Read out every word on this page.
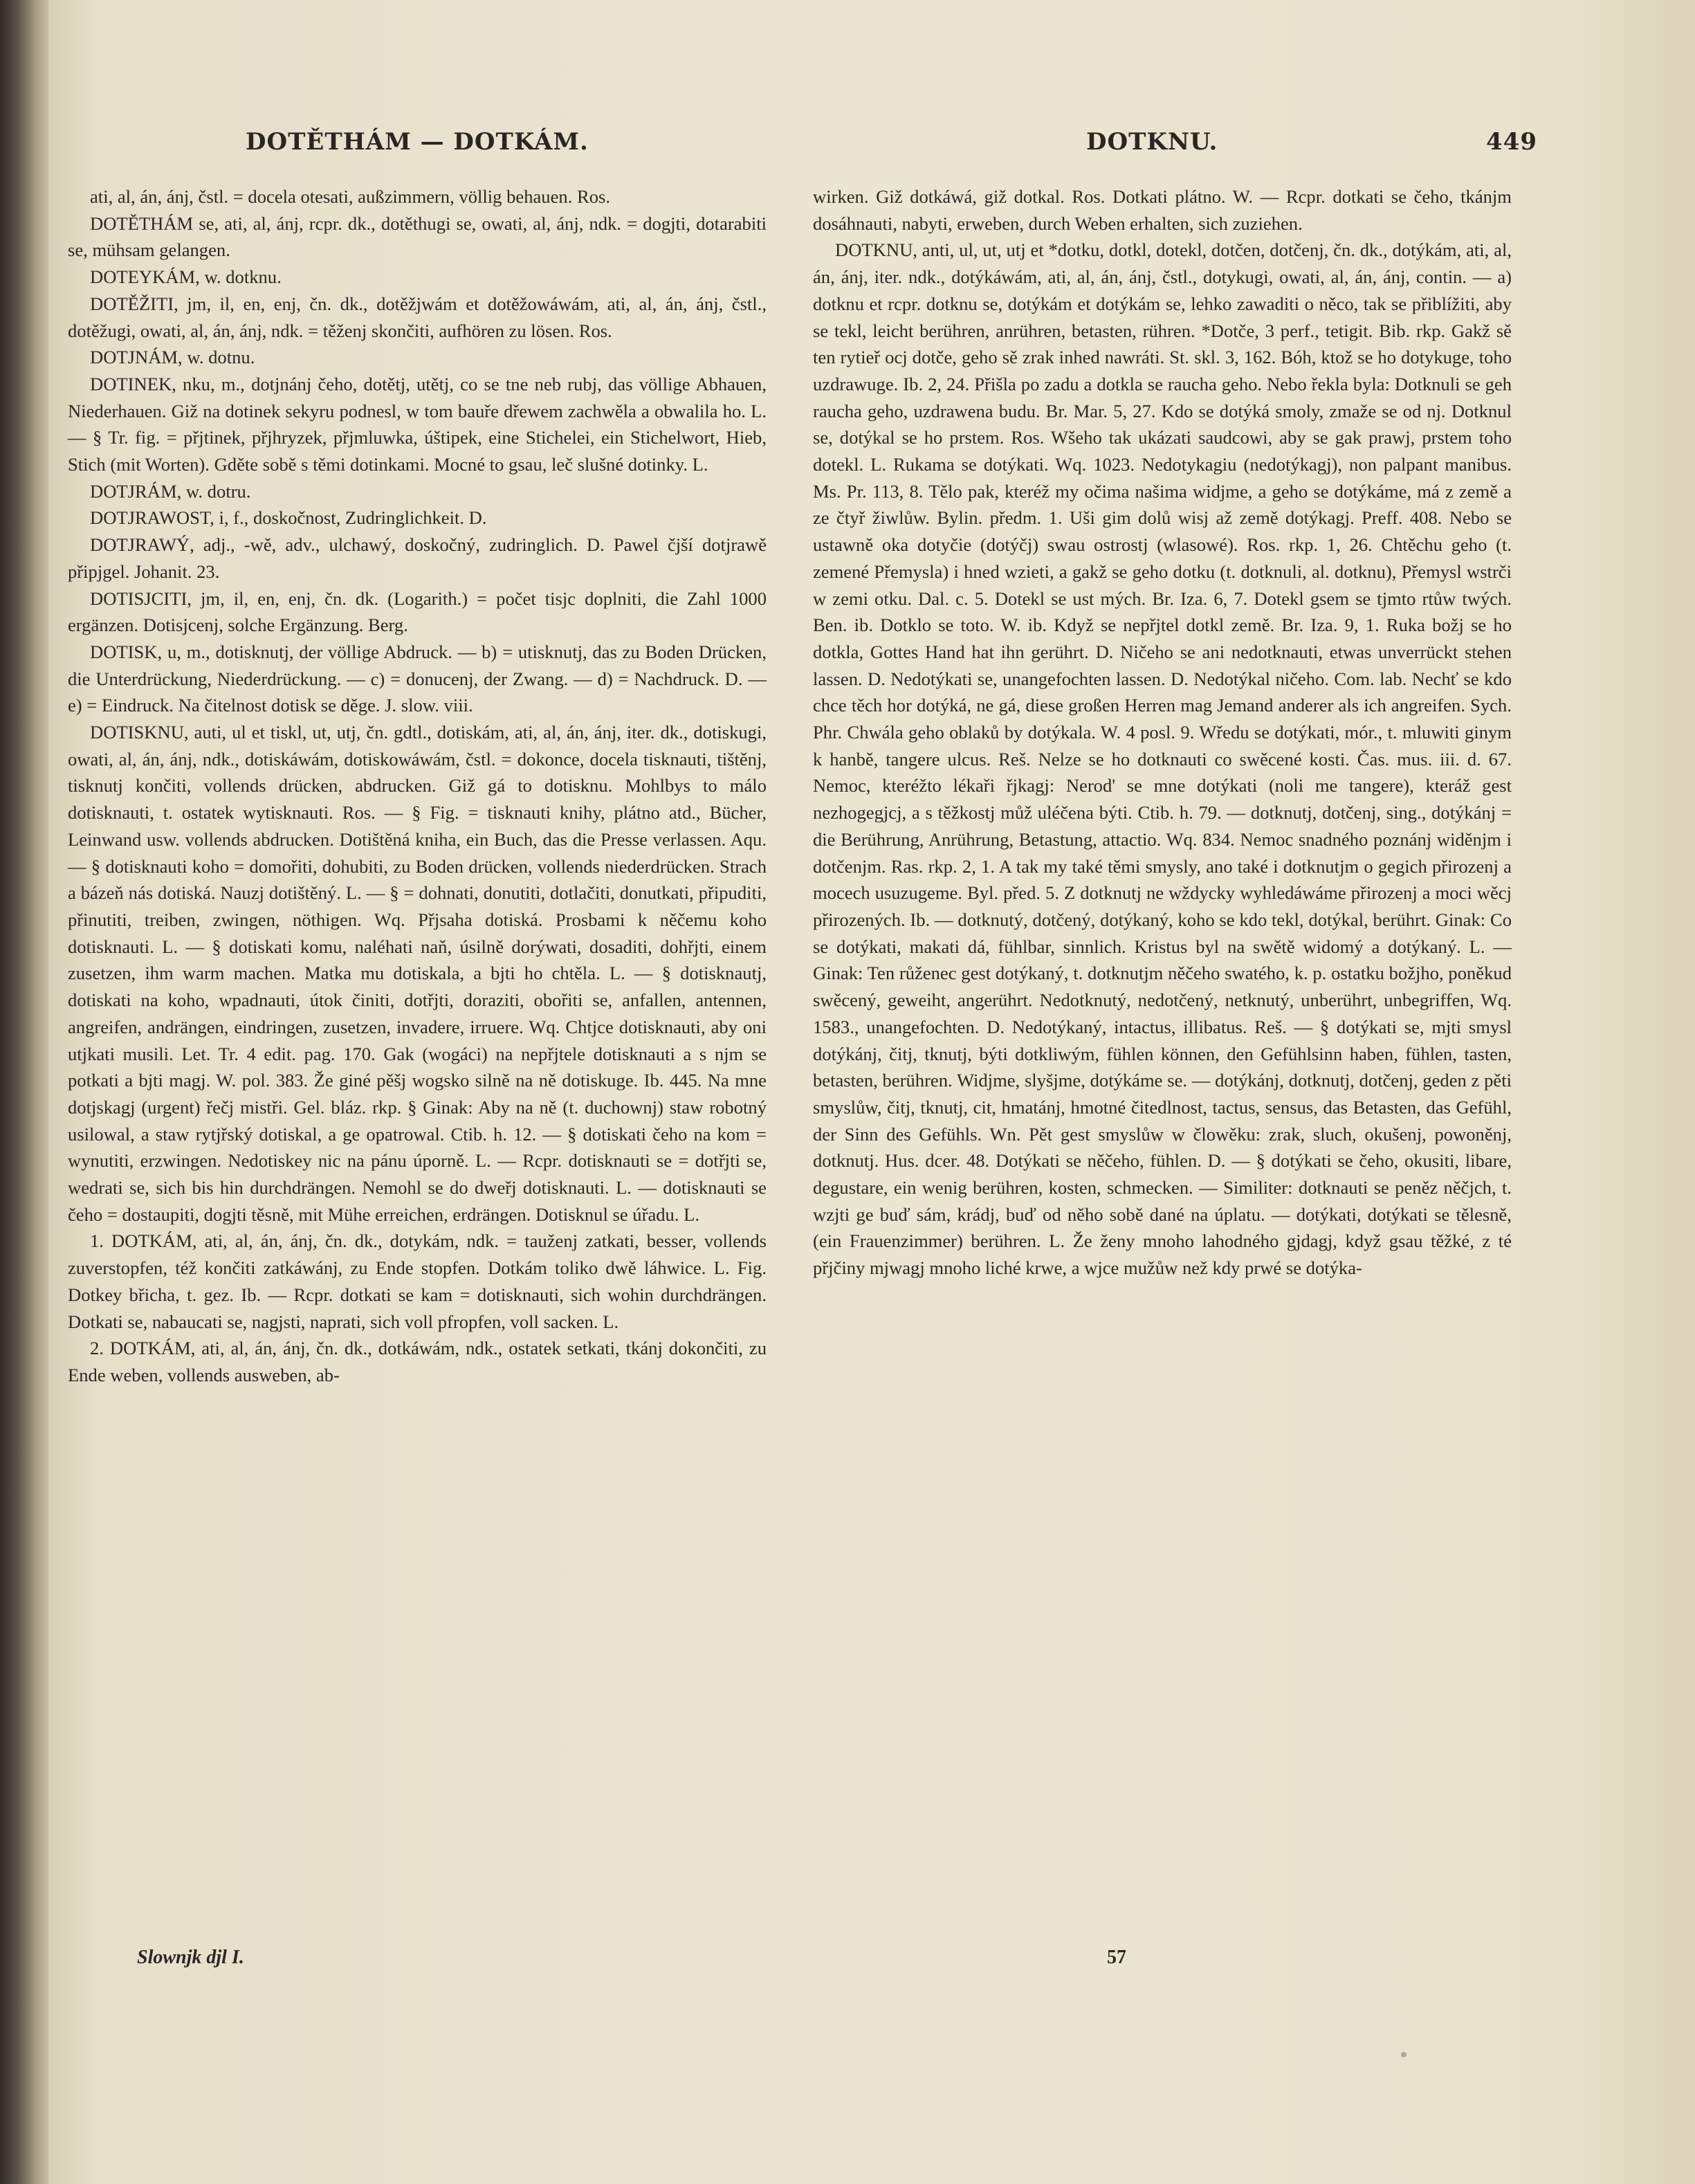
DOTĚTHÁM — DOTKÁM.	DOTKNU.	449

ati, al, án, ánj, čstl. = docela otesati, außzimmern, völlig behauen. Ros.

DOTĚTHÁM se, ati, al, ánj, rcpr. dk., dotěthugi se, owati, al, ánj, ndk. = dogjti, dotarabiti se, mühsam gelangen.

DOTEYKÁM, w. dotknu.

DOTĚŽITI, jm, il, en, enj, čn. dk., dotěžjwám et dotěžowáwám, ati, al, án, ánj, čstl., dotěžugi, owati, al, án, ánj, ndk. = těženj skončiti, aufhören zu lösen. Ros.

DOTJNÁM, w. dotnu.

DOTINEK, nku, m., dotjnánj čeho, dotětj, utětj, co se tne neb rubj, das völlige Abhauen, Niederhauen. Giž na dotinek sekyru podnesl, w tom bauře dřewem zachwěla a obwalila ho. L. — § Tr. fig. = přjtinek, přjhryzek, přjmluwka, úštipek, eine Stichelei, ein Stichelwort, Hieb, Stich (mit Worten). Gděte sobě s těmi dotinkami. Mocné to gsau, leč slušné dotinky. L.

DOTJRÁM, w. dotru.

DOTJRAWOST, i, f., doskočnost, Zudringlichkeit. D.

DOTJRAWÝ, adj., -wě, adv., ulchawý, doskočný, zudringlich. D. Pawel čjší dotjrawě připjgel. Johanit. 23.

DOTISJCITI, jm, il, en, enj, čn. dk. (Logarith.) = počet tisjc doplniti, die Zahl 1000 ergänzen. Dotisjcenj, solche Ergänzung. Berg.

DOTISK, u, m., dotisknutj, der völlige Abdruck. — b) = utisknutj, das zu Boden Drücken, die Unterdrückung, Niederdrückung. — c) = donucenj, der Zwang. — d) = Nachdruck. D. — e) = Eindruck. Na čitelnost dotisk se děge. J. slow. viii.

DOTISKNU, auti, ul et tiskl, ut, utj, čn. gdtl., dotiskám, ati, al, án, ánj, iter. dk., dotiskugi, owati, al, án, ánj, ndk., dotiskáwám, dotiskowáwám, čstl. = dokonce, docela tisknauti, tištěnj, tisknutj končiti, vollends drücken, abdrucken. Giž gá to dotisknu. Mohlbys to málo dotisknauti, t. ostatek wytisknauti. Ros. — § Fig. = tisknauti knihy, plátno atd., Bücher, Leinwand usw. vollends abdrucken. Dotištěná kniha, ein Buch, das die Presse verlassen. Aqu. — § dotisknauti koho = domořiti, dohubiti, zu Boden drücken, vollends niederdrücken. Strach a bázeň nás dotiská. Nauzj dotištěný. L. — § = dohnati, donutiti, dotlačiti, donutkati, připuditi, přinutiti, treiben, zwingen, nöthigen. Wq. Přjsaha dotiská. Prosbami k něčemu koho dotisknauti. L. — § dotiskati komu, naléhati naň, úsilně dorýwati, dosaditi, dohřjti, einem zusetzen, ihm warm machen. Matka mu dotiskala, a bjti ho chtěla. L. — § dotisknautj, dotiskati na koho, wpadnauti, útok činiti, dotřjti, doraziti, obořiti se, anfallen, antennen, angreifen, andrängen, eindringen, zusetzen, invadere, irruere. Wq. Chtjce dotisknauti, aby oni utjkati musili. Let. Tr. 4 edit. pag. 170. Gak (wogáci) na nepřjtele dotisknauti a s njm se potkati a bjti magj. W. pol. 383. Že giné pěšj wogsko silně na ně dotiskuge. Ib. 445. Na mne dotjskagj (urgent) řečj mistři. Gel. bláz. rkp. § Ginak: Aby na ně (t. duchownj) staw robotný usilowal, a staw rytjřský dotiskal, a ge opatrowal. Ctib. h. 12. — § dotiskati čeho na kom = wynutiti, erzwingen. Nedotiskey nic na pánu úporně. L. — Rcpr. dotisknauti se = dotřjti se, wedrati se, sich bis hin durchdrängen. Nemohl se do dweřj dotisknauti. L. — dotisknauti se čeho = dostaupiti, dogjti těsně, mit Mühe erreichen, erdrängen. Dotisknul se úřadu. L.

1. DOTKÁM, ati, al, án, ánj, čn. dk., dotykám, ndk. = tauženj zatkati, besser, vollends zuverstopfen, též končiti zatkáwánj, zu Ende stopfen. Dotkám toliko dwě láhwice. L. Fig. Dotkey břicha, t. gez. Ib. — Rcpr. dotkati se kam = dotisknauti, sich wohin durchdrängen. Dotkati se, nabaucati se, nagjsti, naprati, sich voll pfropfen, voll sacken. L.

2. DOTKÁM, ati, al, án, ánj, čn. dk., dotkáwám, ndk., ostatek setkati, tkánj dokončiti, zu Ende weben, vollends ausweben, ab-

wirken. Giž dotkáwá, giž dotkal. Ros. Dotkati plátno. W. — Rcpr. dotkati se čeho, tkánjm dosáhnauti, nabyti, erweben, durch Weben erhalten, sich zuziehen.

DOTKNU, anti, ul, ut, utj et *dotku, dotkl, dotekl, dotčen, dotčenj, čn. dk., dotýkám, ati, al, án, ánj, iter. ndk., dotýkáwám, ati, al, án, ánj, čstl., dotykugi, owati, al, án, ánj, contin. — a) dotknu et rcpr. dotknu se, dotýkám et dotýkám se, lehko zawaditi o něco, tak se přiblížiti, aby se tekl, leicht berühren, anrühren, betasten, rühren. *Dotče, 3 perf., tetigit. Bib. rkp. Gakž sě ten rytieř ocj dotče, geho sě zrak inhed nawráti. St. skl. 3, 162. Bóh, ktož se ho dotykuge, toho uzdrawuge. Ib. 2, 24. Přišla po zadu a dotkla se raucha geho. Nebo řekla byla: Dotknuli se geh raucha geho, uzdrawena budu. Br. Mar. 5, 27. Kdo se dotýká smoly, zmaže se od nj. Dotknul se, dotýkal se ho prstem. Ros. Wšeho tak ukázati saudcowi, aby se gak prawj, prstem toho dotekl. L. Rukama se dotýkati. Wq. 1023. Nedotykagiu (nedotýkagj), non palpant manibus. Ms. Pr. 113, 8. Tělo pak, kteréž my očima našima widjme, a geho se dotýkáme, má z země a ze čtyř žiwlůw. Bylin. předm. 1. Uši gim dolů wisj až země dotýkagj. Preff. 408. Nebo se ustawně oka dotyčie (dotýčj) swau ostrostj (wlasowé). Ros. rkp. 1, 26. Chtěchu geho (t. zemené Přemysla) i hned wzieti, a gakž se geho dotku (t. dotknuli, al. dotknu), Přemysl wstrči w zemi otku. Dal. c. 5. Dotekl se ust mých. Br. Iza. 6, 7. Dotekl gsem se tjmto rtůw twých. Ben. ib. Dotklo se toto. W. ib. Když se nepřjtel dotkl země. Br. Iza. 9, 1. Ruka božj se ho dotkla, Gottes Hand hat ihn gerührt. D. Ničeho se ani nedotknauti, etwas unverrückt stehen lassen. D. Nedotýkati se, unangefochten lassen. D. Nedotýkal ničeho. Com. lab. Nechť se kdo chce těch hor dotýká, ne gá, diese großen Herren mag Jemand anderer als ich angreifen. Sych. Phr. Chwála geho oblaků by dotýkala. W. 4 posl. 9. Wředu se dotýkati, mór., t. mluwiti ginym k hanbě, tangere ulcus. Reš. Nelze se ho dotknauti co swěcené kosti. Čas. mus. iii. d. 67. Nemoc, kteréžto lékaři řjkagj: Nerod' se mne dotýkati (noli me tangere), kteráž gest nezhogegjcj, a s těžkostj můž uléčena býti. Ctib. h. 79. — dotknutj, dotčenj, sing., dotýkánj = die Berührung, Anrührung, Betastung, attactio. Wq. 834. Nemoc snadného poznánj widěnjm i dotčenjm. Ras. rkp. 2, 1. A tak my také těmi smysly, ano také i dotknutjm o gegich přirozenj a mocech usuzugeme. Byl. před. 5. Z dotknutj ne wždycky wyhledáwáme přirozenj a moci wěcj přirozených. Ib. — dotknutý, dotčený, dotýkaný, koho se kdo tekl, dotýkal, berührt. Ginak: Co se dotýkati, makati dá, fühlbar, sinnlich. Kristus byl na swětě widomý a dotýkaný. L. — Ginak: Ten růženec gest dotýkaný, t. dotknutjm něčeho swatého, k. p. ostatku božjho, poněkud swěcený, geweiht, angerührt. Nedotknutý, nedotčený, netknutý, unberührt, unbegriffen, Wq. 1583., unangefochten. D. Nedotýkaný, intactus, illibatus. Reš. — § dotýkati se, mjti smysl dotýkánj, čitj, tknutj, býti dotkliwým, fühlen können, den Gefühlsinn haben, fühlen, tasten, betasten, berühren. Widjme, slyšjme, dotýkáme se. — dotýkánj, dotknutj, dotčenj, geden z pěti smyslůw, čitj, tknutj, cit, hmatánj, hmotné čitedlnost, tactus, sensus, das Betasten, das Gefühl, der Sinn des Gefühls. Wn. Pět gest smyslůw w člowěku: zrak, sluch, okušenj, powoněnj, dotknutj. Hus. dcer. 48. Dotýkati se něčeho, fühlen. D. — § dotýkati se čeho, okusiti, libare, degustare, ein wenig berühren, kosten, schmecken. — Similiter: dotknauti se peněz něčjch, t. wzjti ge buď sám, krádj, buď od něho sobě dané na úplatu. — dotýkati, dotýkati se tělesně, (ein Frauenzimmer) berühren. L. Že ženy mnoho lahodného gjdagj, když gsau těžké, z té přjčiny mjwagj mnoho liché krwe, a wjce mužůw než kdy prwé se dotýka-

Slownjk djl I.	57
